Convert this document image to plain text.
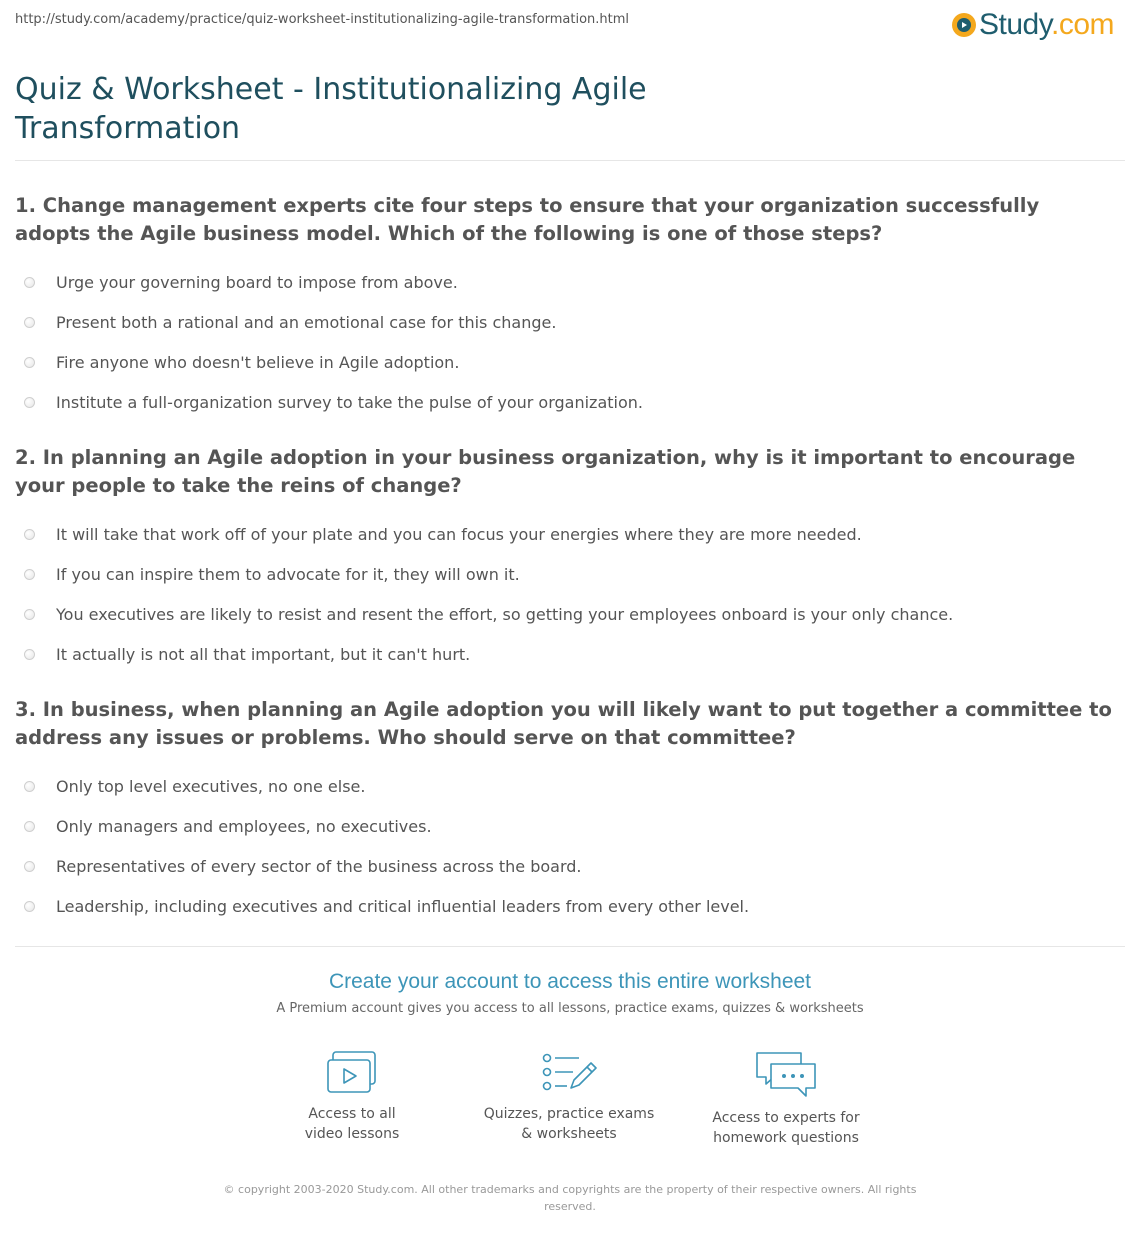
http://study.com/academy/practice/quiz-worksheet-institutionalizing-agile-transformation.html	Study.com
Quiz & Worksheet - Institutionalizing Agile Transformation

1. Change management experts cite four steps to ensure that your organization successfully adopts the Agile business model. Which of the following is one of those steps?

Urge your governing board to impose from above.
Present both a rational and an emotional case for this change.
Fire anyone who doesn't believe in Agile adoption.
Institute a full-organization survey to take the pulse of your organization.

2. In planning an Agile adoption in your business organization, why is it important to encourage your people to take the reins of change?

It will take that work off of your plate and you can focus your energies where they are more needed.
If you can inspire them to advocate for it, they will own it.
You executives are likely to resist and resent the effort, so getting your employees onboard is your only chance.
It actually is not all that important, but it can't hurt.

3. In business, when planning an Agile adoption you will likely want to put together a committee to address any issues or problems. Who should serve on that committee?

Only top level executives, no one else.
Only managers and employees, no executives.
Representatives of every sector of the business across the board.
Leadership, including executives and critical influential leaders from every other level.
Create your account to access this entire worksheet
A Premium account gives you access to all lessons, practice exams, quizzes & worksheets
Access to all
video lessons
Quizzes, practice exams
& worksheets
Access to experts for
homework questions
© copyright 2003-2020 Study.com. All other trademarks and copyrights are the property of their respective owners. All rights reserved.
